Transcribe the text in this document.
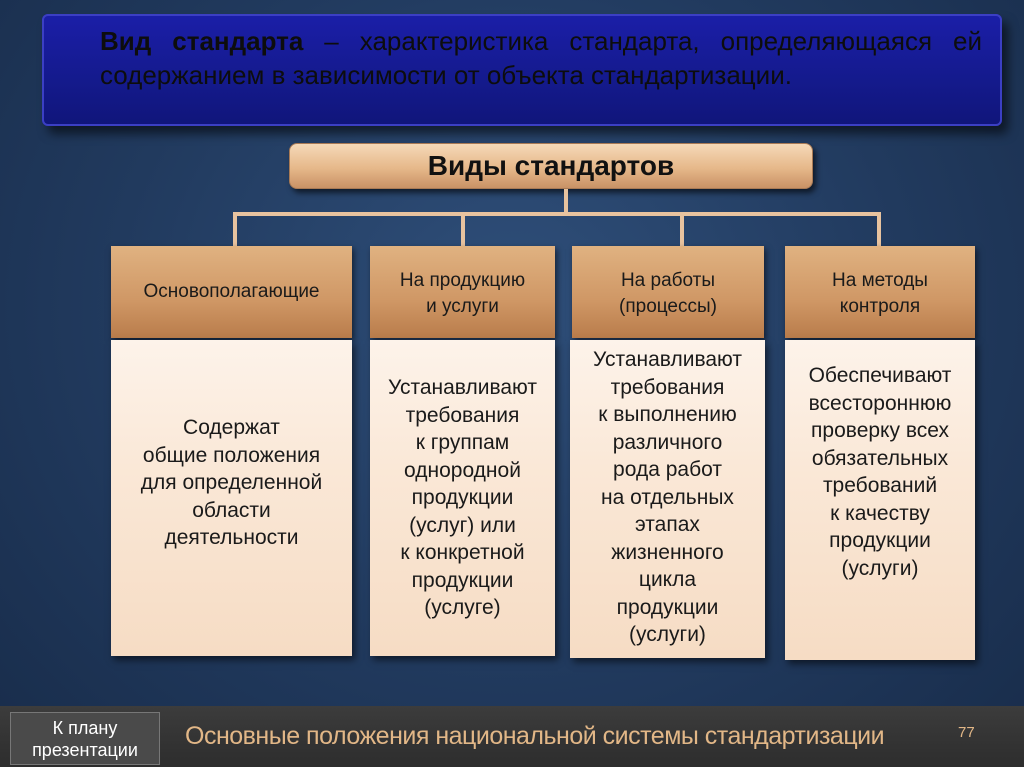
Вид стандарта – характеристика стандарта, определяющаяся ей содержанием в зависимости от объекта стандартизации.
Виды стандартов
Основополагающие
На продукцию
и услуги
На работы
(процессы)
На методы
контроля
Содержат
общие положения
для определенной
области
деятельности
Устанавливают
требования
к группам
однородной
продукции
(услуг) или
к конкретной
продукции
(услуге)
Устанавливают
требования
к выполнению
различного
рода работ
на отдельных
этапах
жизненного
цикла
продукции
(услуги)
Обеспечивают
всестороннюю
проверку всех
обязательных
требований
к качеству
продукции
(услуги)
К плану
презентации	Основные положения национальной системы стандартизации	77
